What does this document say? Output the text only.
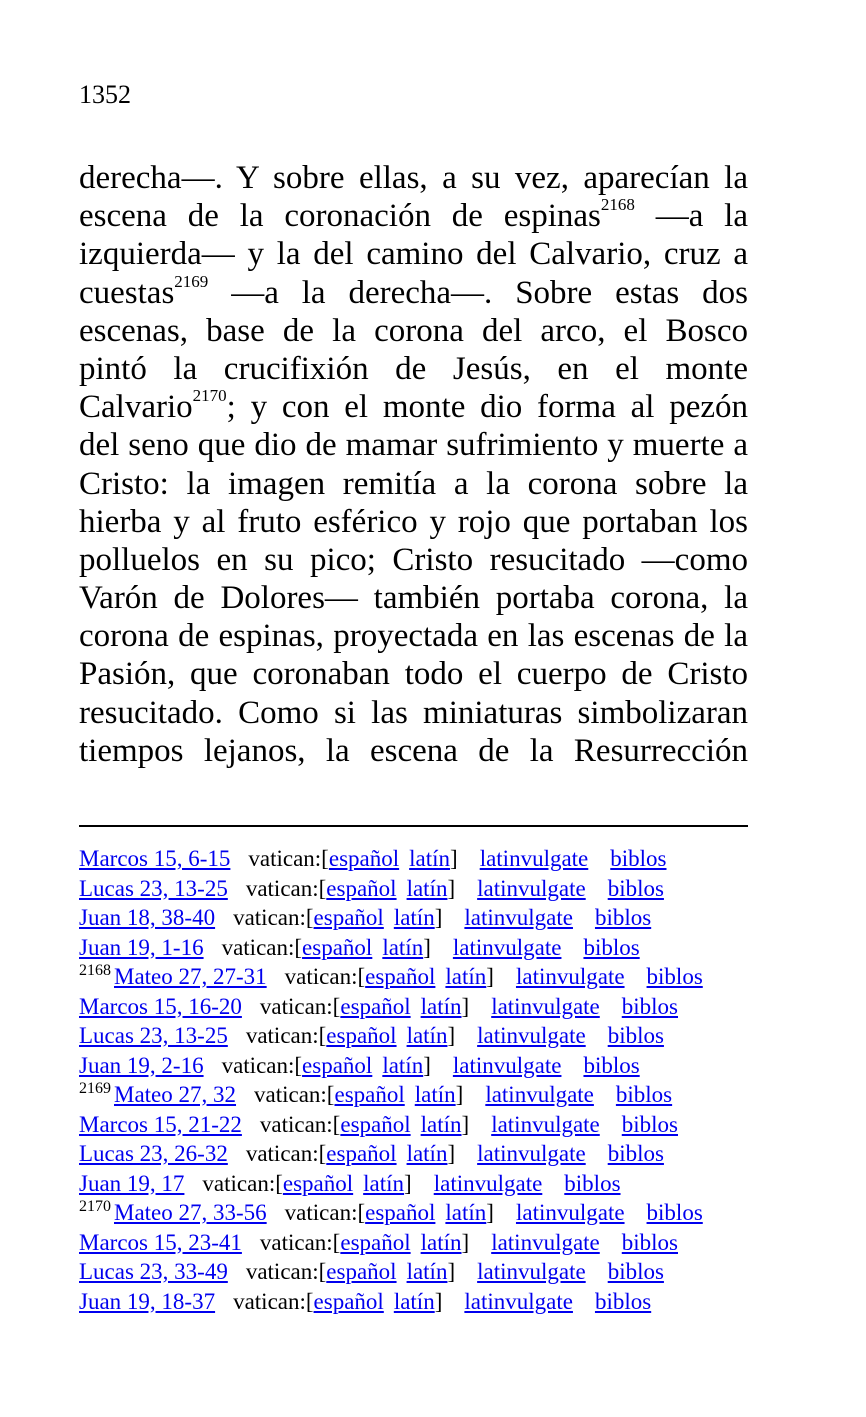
1352
derecha—. Y sobre ellas, a su vez, aparecían la
escena de la coronación de espinas$^{2168}$ —a la
izquierda— y la del camino del Calvario, cruz a
cuestas$^{2169}$ —a la derecha—. Sobre estas dos
escenas, base de la corona del arco, el Bosco
pintó la crucifixión de Jesús, en el monte
Calvario$^{2170}$; y con el monte dio forma al pezón
del seno que dio de mamar sufrimiento y muerte a
Cristo: la imagen remitía a la corona sobre la
hierba y al fruto esférico y rojo que portaban los
polluelos en su pico; Cristo resucitado —como
Varón de Dolores— también portaba corona, la
corona de espinas, proyectada en las escenas de la
Pasión, que coronaban todo el cuerpo de Cristo
resucitado. Como si las miniaturas simbolizaran
tiempos lejanos, la escena de la Resurrección
Marcos 15, 6-15 vatican:[español latín] latinvulgate biblos
Lucas 23, 13-25 vatican:[español latín] latinvulgate biblos
Juan 18, 38-40 vatican:[español latín] latinvulgate biblos
Juan 19, 1-16 vatican:[español latín] latinvulgate biblos
$^{2168}$ Mateo 27, 27-31 vatican:[español latín] latinvulgate biblos
Marcos 15, 16-20 vatican:[español latín] latinvulgate biblos
Lucas 23, 13-25 vatican:[español latín] latinvulgate biblos
Juan 19, 2-16 vatican:[español latín] latinvulgate biblos
$^{2169}$ Mateo 27, 32 vatican:[español latín] latinvulgate biblos
Marcos 15, 21-22 vatican:[español latín] latinvulgate biblos
Lucas 23, 26-32 vatican:[español latín] latinvulgate biblos
Juan 19, 17 vatican:[español latín] latinvulgate biblos
$^{2170}$ Mateo 27, 33-56 vatican:[español latín] latinvulgate biblos
Marcos 15, 23-41 vatican:[español latín] latinvulgate biblos
Lucas 23, 33-49 vatican:[español latín] latinvulgate biblos
Juan 19, 18-37 vatican:[español latín] latinvulgate biblos
